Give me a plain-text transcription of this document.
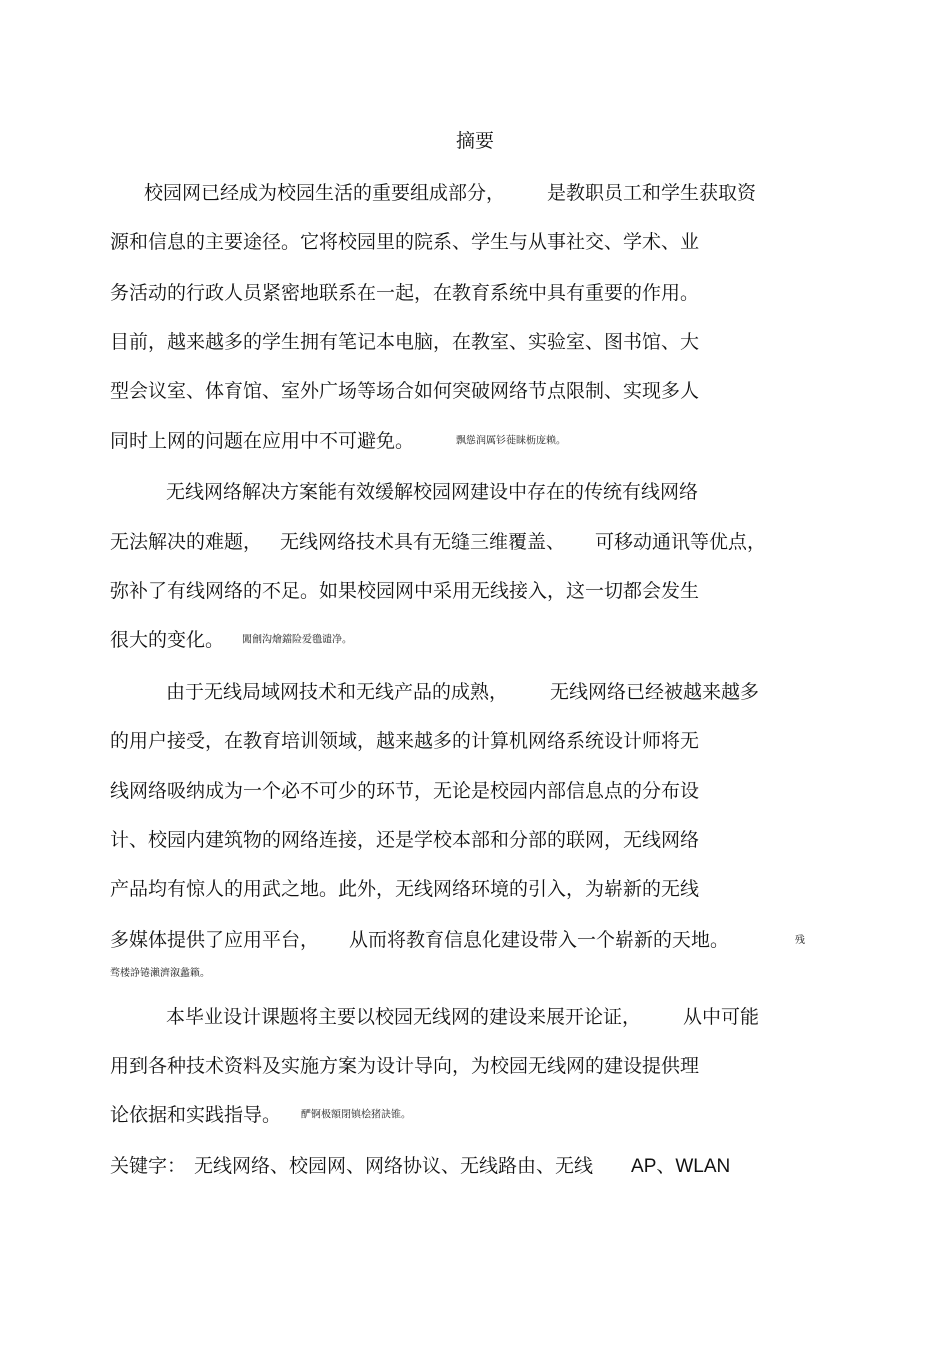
摘要
校园网已经成为校园生活的重要组成部分， 是教职员工和学生获取资
源和信息的主要途径。它将校园里的院系、学生与从事社交、学术、业
务活动的行政人员紧密地联系在一起，在教育系统中具有重要的作用。
目前，越来越多的学生拥有笔记本电脑，在教室、实验室、图书馆、大
型会议室、体育馆、室外广场等场合如何突破网络节点限制、实现多人
同时上网的问题在应用中不可避免。	飘慫润厲钐蓰睐枥庞赖。
无线网络解决方案能有效缓解校园网建设中存在的传统有线网络
无法解决的难题， 无线网络技术具有无缝三维覆盖、 可移动通讯等优点，
弥补了有线网络的不足。如果校园网中采用无线接入，这一切都会发生
很大的变化。 闖劊沟燴鐺险爱氇谴净。
由于无线局域网技术和无线产品的成熟， 无线网络已经被越来越多
的用户接受，在教育培训领域，越来越多的计算机网络系统设计师将无
线网络吸纳成为一个必不可少的环节，无论是校园内部信息点的分布设
计、校园内建筑物的网络连接，还是学校本部和分部的联网，无线网络
产品均有惊人的用武之地。此外，无线网络环境的引入，为崭新的无线
多媒体提供了应用平台， 从而将教育信息化建设带入一个崭新的天地。	残
骛楼諍锩瀨濟溆蠡籟。
本毕业设计课题将主要以校园无线网的建设来展开论证， 从中可能
用到各种技术资料及实施方案为设计导向，为校园无线网的建设提供理
论依据和实践指导。 酽锕极額閉镇桧猪訣锥。
关键字： 无线网络、校园网、网络协议、无线路由、无线 AP、WLAN
